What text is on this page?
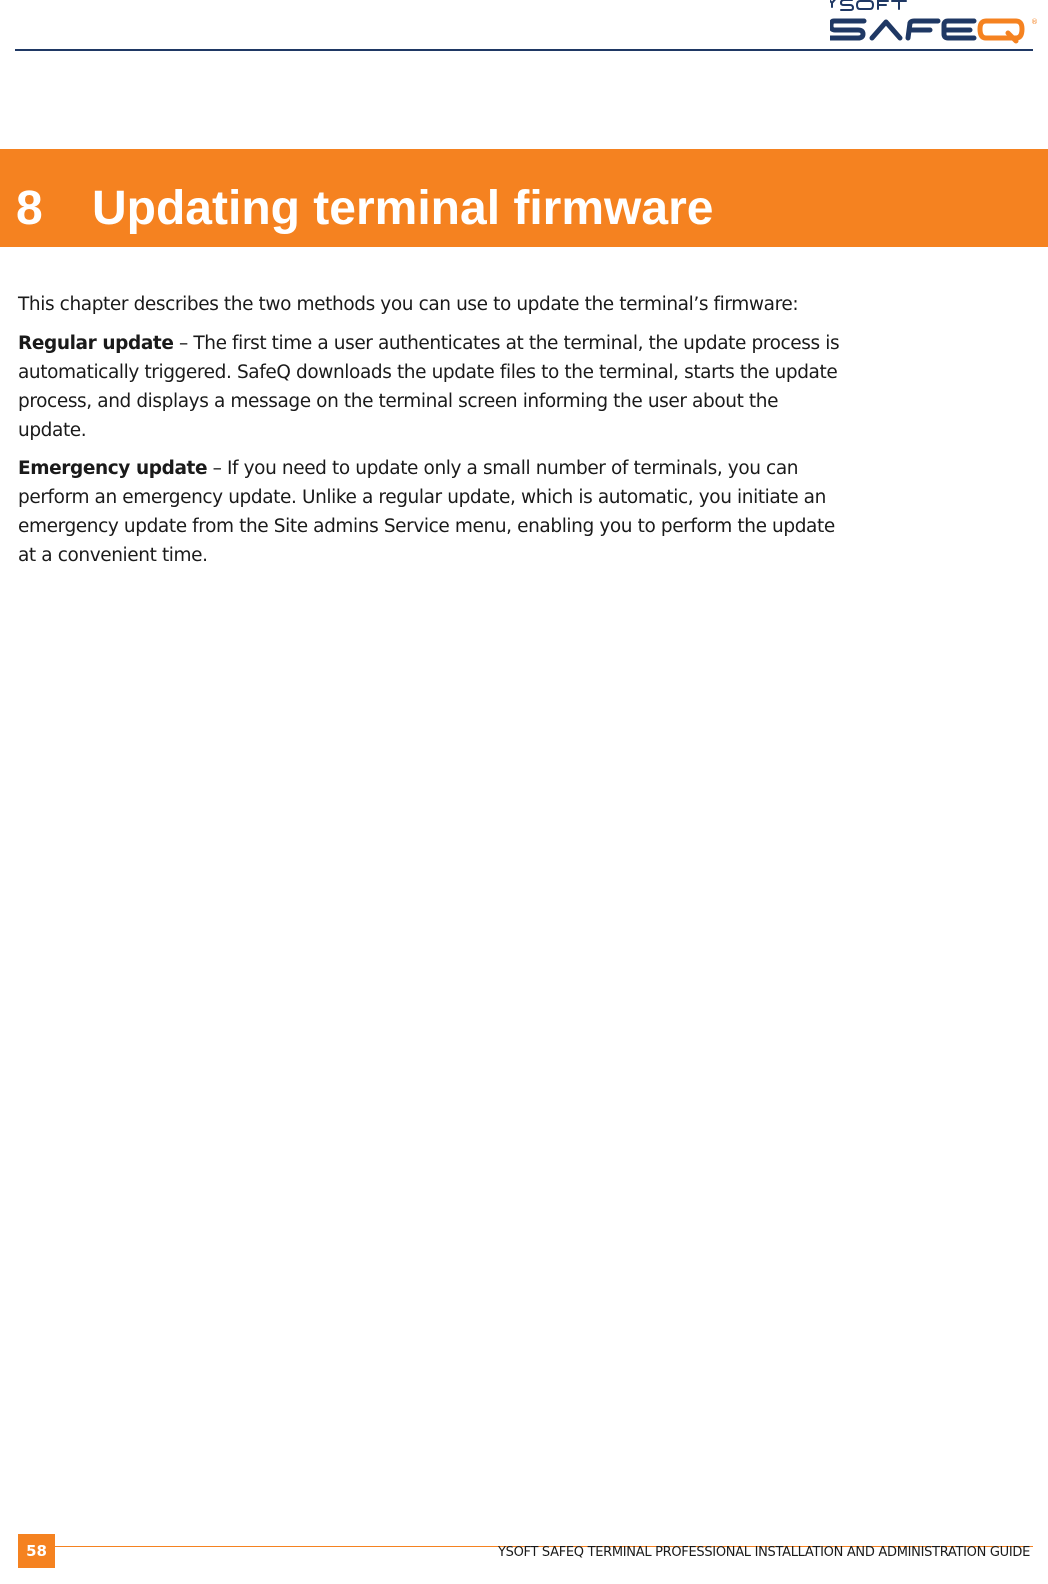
®
8 Updating terminal firmware

This chapter describes the two methods you can use to update the terminal’s firmware:

Regular update – The first time a user authenticates at the terminal, the update process is automatically triggered. SafeQ downloads the update files to the terminal, starts the update process, and displays a message on the terminal screen informing the user about the update.

Emergency update – If you need to update only a small number of terminals, you can perform an emergency update. Unlike a regular update, which is automatic, you initiate an emergency update from the Site admins Service menu, enabling you to perform the update at a convenient time.

58	YSOFT SAFEQ TERMINAL PROFESSIONAL INSTALLATION AND ADMINISTRATION GUIDE
